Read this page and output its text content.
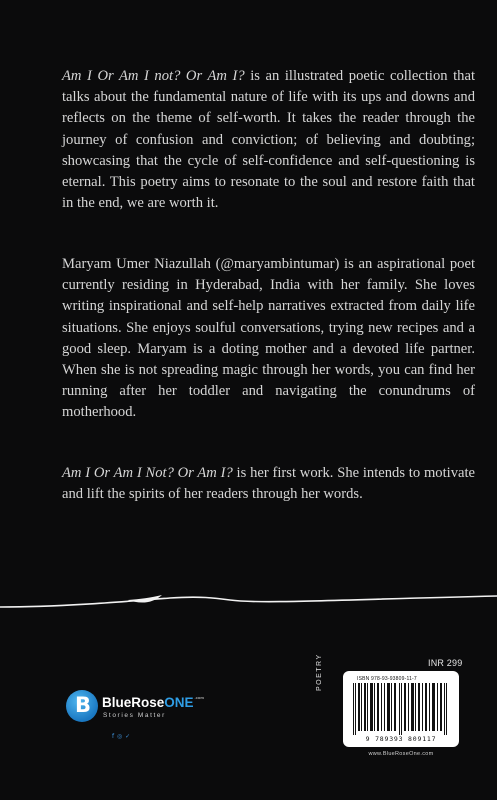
Am I Or Am I not? Or Am I? is an illustrated poetic collection that talks about the fundamental nature of life with its ups and downs and reflects on the theme of self-worth. It takes the reader through the journey of confusion and conviction; of believing and doubting; showcasing that the cycle of self-confidence and self-questioning is eternal. This poetry aims to resonate to the soul and restore faith that in the end, we are worth it.

Maryam Umer Niazullah (@maryambintumar) is an aspirational poet currently residing in Hyderabad, India with her family. She loves writing inspirational and self-help narratives extracted from daily life situations. She enjoys soulful conversations, trying new recipes and a good sleep. Maryam is a doting mother and a devoted life partner. When she is not spreading magic through her words, you can find her running after her toddler and navigating the conundrums of motherhood.

Am I Or Am I Not? Or Am I? is her first work. She intends to motivate and lift the spirits of her readers through her words.

INR 299
POETRY	ISBN 978-93-93809-11-7
9 789393 809117
www.BlueRoseOne.com
B BlueRoseONE$^{.com}$
Stories Matter
f ◎ ✓
